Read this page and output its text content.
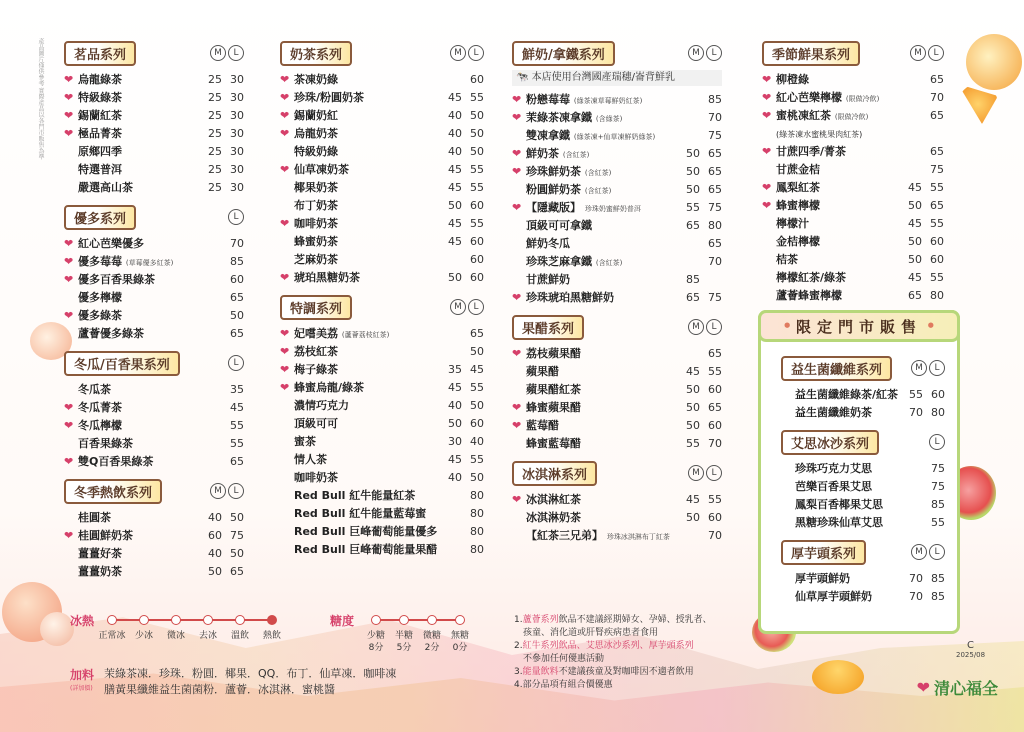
產品圖片僅供參考 實際產品以各門市販售為準	茗品系列	M	L
❤ 烏龍綠茶	25 30
❤ 特級綠茶	25 30
❤ 錫蘭紅茶	25 30
❤ 極品菁茶	25 30
原鄉四季	25 30
特選普洱	25 30
嚴選高山茶	25 30
優多系列	L
❤ 紅心芭樂優多	70
❤ 優多莓莓 (草莓優多紅茶)	85
❤ 優多百香果綠茶	60
優多檸檬	65
❤ 優多綠茶	50
蘆薈優多綠茶	65
冬瓜/百香果系列	L
冬瓜茶	35
❤ 冬瓜菁茶	45
❤ 冬瓜檸檬	55
百香果綠茶	55
❤ 雙Q百香果綠茶	65
冬季熱飲系列	M	L
桂圓茶	40 50
❤ 桂圓鮮奶茶	60 75
薑薑好茶	40 50
薑薑奶茶	50 65
奶茶系列	M	L
❤ 茶凍奶綠	60
❤ 珍珠/粉圓奶茶	45 55
❤ 錫蘭奶紅	40 50
❤ 烏龍奶茶	40 50
特級奶綠	40 50
❤ 仙草凍奶茶	45 55
椰果奶茶	45 55
布丁奶茶	50 60
❤ 咖啡奶茶	45 55
蜂蜜奶茶	45 60
芝麻奶茶	60
❤ 琥珀黑糖奶茶	50 60
特調系列	M	L
❤ 妃嚐美荔 (蘆薈荔枝紅茶)	65
❤ 荔枝紅茶	50
❤ 梅子綠茶	35 45
❤ 蜂蜜烏龍/綠茶	45 55
濃情巧克力	40 50
頂級可可	50 60
蜜茶	30 40
情人茶	45 55
咖啡奶茶	40 50
Red Bull 紅牛能量紅茶	80
Red Bull 紅牛能量藍莓蜜	80
Red Bull 巨峰葡萄能量優多	80
Red Bull 巨峰葡萄能量果醋	80
鮮奶/拿鐵系列	M	L
🐄 本店使用台灣國產瑞穗/崙背鮮乳
❤ 粉戀莓莓 (綠茶凍草莓鮮奶紅茶)	85
❤ 茉綠茶凍拿鐵 (含綠茶)	70
雙凍拿鐵 (綠茶凍+仙草凍鮮奶綠茶)	75
❤ 鮮奶茶 (含紅茶)	50 65
❤ 珍珠鮮奶茶 (含紅茶)	50 65
粉圓鮮奶茶 (含紅茶)	50 65
❤ 【隱藏版】 珍珠奶蜜鮮奶普洱	55 75
頂級可可拿鐵	65 80
鮮奶冬瓜	65
珍珠芝麻拿鐵 (含紅茶)	70
甘蔗鮮奶	85
❤ 珍珠琥珀黑糖鮮奶	65 75
果醋系列	M	L
❤ 荔枝蘋果醋	65
蘋果醋	45 55
蘋果醋紅茶	50 60
❤ 蜂蜜蘋果醋	50 65
❤ 藍莓醋	50 60
蜂蜜藍莓醋	55 70
冰淇淋系列	M	L
❤ 冰淇淋紅茶	45 55
冰淇淋奶茶	50 60
【紅茶三兄弟】 珍珠冰淇淋布丁紅茶	70
季節鮮果系列	M	L
❤ 柳橙綠	65
❤ 紅心芭樂檸檬 (限做冷飲)	70
❤ 蜜桃凍紅茶 (限做冷飲)	65
(綠茶凍水蜜桃果肉紅茶)
❤ 甘蔗四季/菁茶	65
甘蔗金桔	75
❤ 鳳梨紅茶	45 55
❤ 蜂蜜檸檬	50 65
檸檬汁	45 55
金桔檸檬	50 60
桔茶	50 60
檸檬紅茶/綠茶	45 55
蘆薈蜂蜜檸檬	65 80
• 限定門市販售 •
益生菌纖維系列	M	L
益生菌纖維綠茶/紅茶 55 60
益生菌纖維奶茶	70 80
艾思冰沙系列	L
珍珠巧克力艾思	75
芭樂百香果艾思	75
鳳梨百香椰果艾思	85
黑糖珍珠仙草艾思	55
厚芋頭系列	M	L
厚芋頭鮮奶	70 85
仙草厚芋頭鮮奶	70 85
冰熱
正常冰	少冰	微冰	去冰	溫飲	熱飲
糖度
少糖
8分
半糖
5分
微糖
2分
無糖
0分
加料
(詳加價)
茉綠茶凍．珍珠．粉圓．椰果．QQ．布丁．仙草凍．咖啡凍
膳黃果纖維益生菌菌粉．蘆薈．冰淇淋．蜜桃醬
1.蘆薈系列飲品不建議經期婦女、孕婦、授乳者、
孩童、消化道或肝腎疾病患者食用
2.紅牛系列飲品、艾思冰沙系列、厚芋頭系列
不參加任何優惠活動
3.能量飲料不建議孩童及對咖啡因不適者飲用
4.部分品項有組合價優惠
C
2025/08
❤ 清心福全
